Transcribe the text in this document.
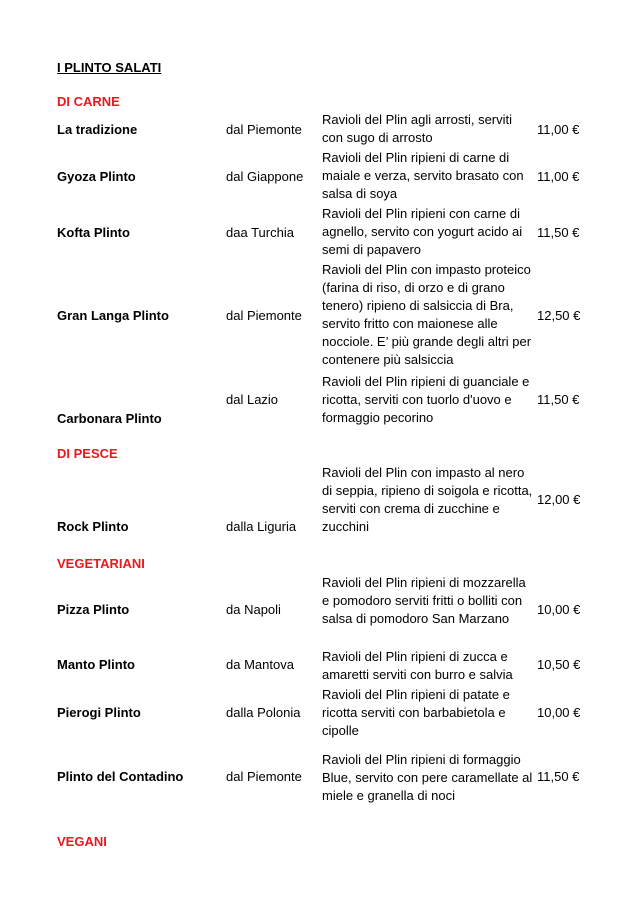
I PLINTO SALATI
DI CARNE
La tradizione	dal Piemonte
Ravioli del Plin agli arrosti, serviti con sugo di arrosto
11,00 €
Gyoza Plinto	dal Giappone
Ravioli del Plin ripieni di carne di maiale e verza, servito brasato con salsa di soya
11,00 €
Kofta Plinto	daa Turchia
Ravioli del Plin ripieni con carne di agnello, servito con yogurt acido ai semi di papavero
11,50 €
Gran Langa Plinto	dal Piemonte
Ravioli del Plin con impasto proteico (farina di riso, di orzo e di grano tenero) ripieno di salsiccia di Bra, servito fritto con maionese alle nocciole. E’ più grande degli altri per contenere più salsiccia
12,50 €
Carbonara Plinto
dal Lazio
Ravioli del Plin ripieni di guanciale e ricotta, serviti con tuorlo d'uovo e formaggio pecorino
11,50 €
DI PESCE
Rock Plinto	dalla Liguria
Ravioli del Plin con impasto al nero di seppia, ripieno di soigola e ricotta, serviti con crema di zucchine e zucchini
12,00 €
VEGETARIANI
Pizza Plinto	da Napoli
Ravioli del Plin ripieni di mozzarella e pomodoro serviti fritti o bolliti con salsa di pomodoro San Marzano
10,00 €
Manto Plinto	da Mantova
Ravioli del Plin ripieni di zucca e amaretti serviti con burro e salvia
10,50 €
Pierogi Plinto	dalla Polonia
Ravioli del Plin ripieni di patate e ricotta serviti con barbabietola e cipolle
10,00 €
Plinto del Contadino	dal Piemonte
Ravioli del Plin ripieni di formaggio Blue, servito con pere caramellate al miele e granella di noci
11,50 €
VEGANI
